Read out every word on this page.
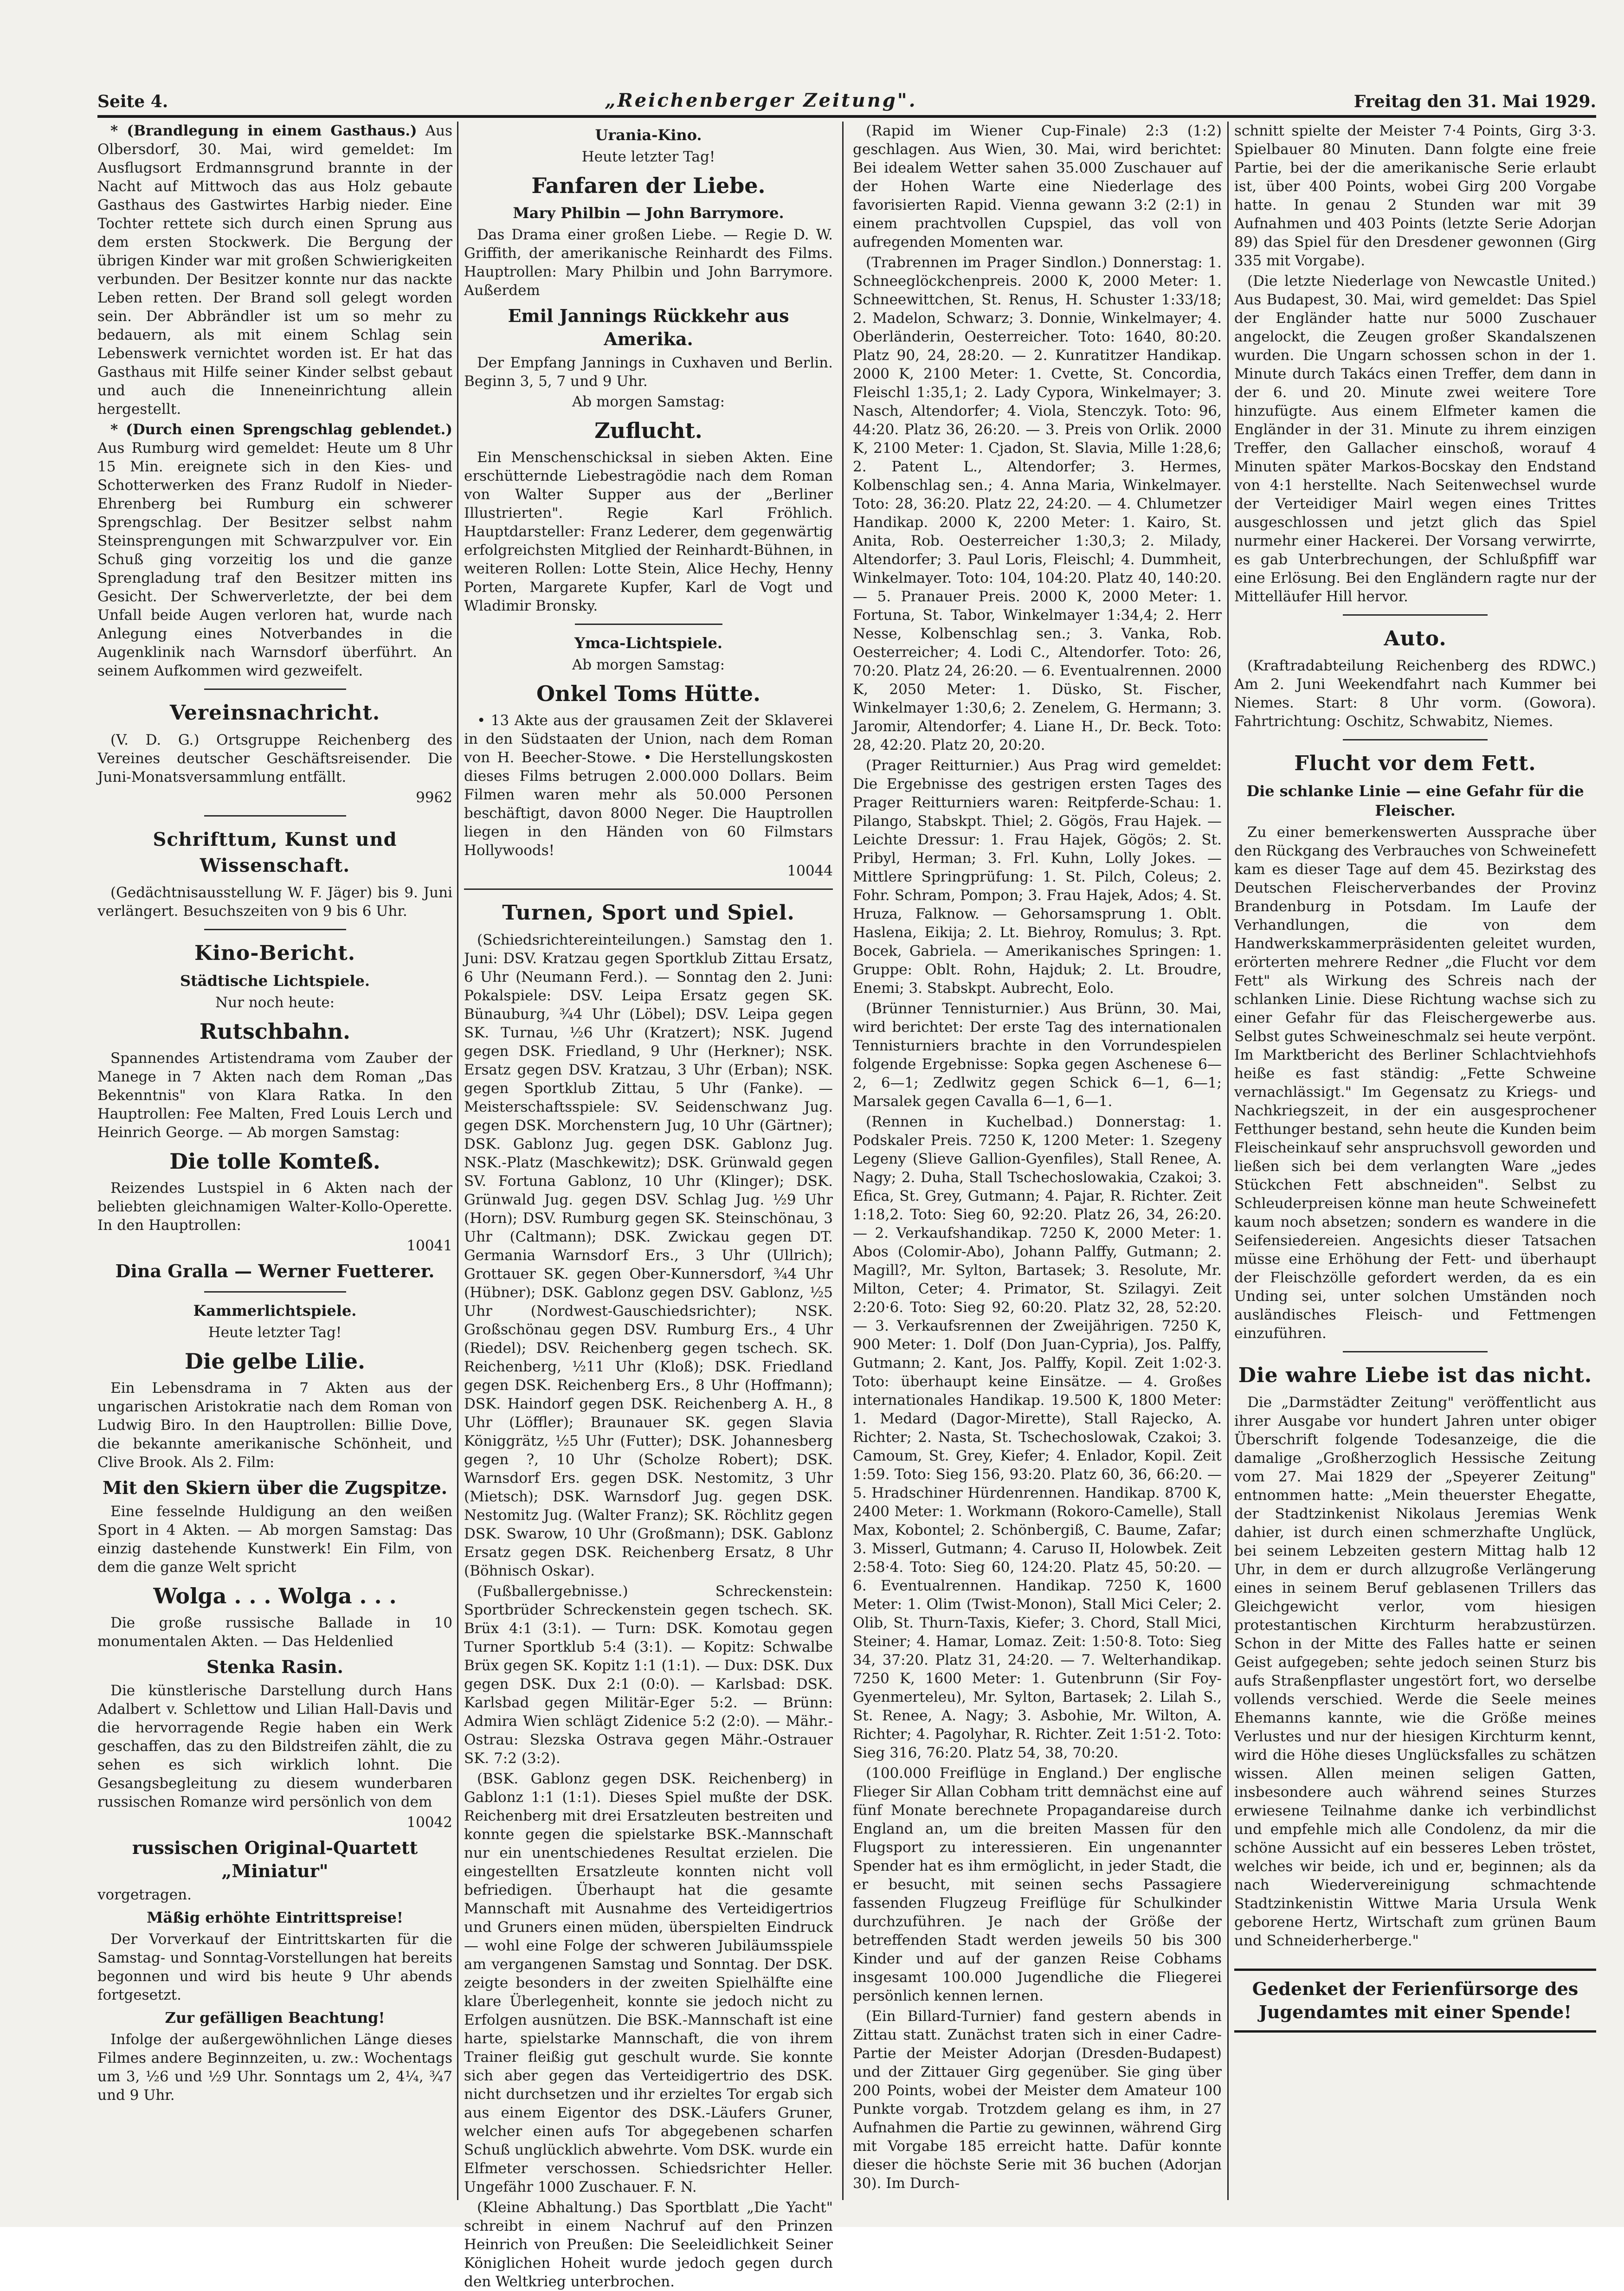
Seite 4.	„Reichenberger Zeitung".	Freitag den 31. Mai 1929.

* (Brandlegung in einem Gasthaus.) Aus Olbersdorf, 30. Mai, wird gemeldet: Im Ausflugsort Erdmannsgrund brannte in der Nacht auf Mittwoch das aus Holz gebaute Gasthaus des Gastwirtes Harbig nieder. Eine Tochter rettete sich durch einen Sprung aus dem ersten Stockwerk. Die Bergung der übrigen Kinder war mit großen Schwierigkeiten verbunden. Der Besitzer konnte nur das nackte Leben retten. Der Brand soll gelegt worden sein. Der Abbrändler ist um so mehr zu bedauern, als mit einem Schlag sein Lebenswerk vernichtet worden ist. Er hat das Gasthaus mit Hilfe seiner Kinder selbst gebaut und auch die Inneneinrichtung allein hergestellt.

* (Durch einen Sprengschlag geblendet.) Aus Rumburg wird gemeldet: Heute um 8 Uhr 15 Min. ereignete sich in den Kies- und Schotterwerken des Franz Rudolf in Nieder-Ehrenberg bei Rumburg ein schwerer Sprengschlag. Der Besitzer selbst nahm Steinsprengungen mit Schwarzpulver vor. Ein Schuß ging vorzeitig los und die ganze Sprengladung traf den Besitzer mitten ins Gesicht. Der Schwerverletzte, der bei dem Unfall beide Augen verloren hat, wurde nach Anlegung eines Notverbandes in die Augenklinik nach Warnsdorf überführt. An seinem Aufkommen wird gezweifelt.

Vereinsnachricht.

(V. D. G.) Ortsgruppe Reichenberg des Vereines deutscher Geschäftsreisender. Die Juni-Monatsversammlung entfällt.

9962

Schrifttum, Kunst und Wissenschaft.

(Gedächtnisausstellung W. F. Jäger) bis 9. Juni verlängert. Besuchszeiten von 9 bis 6 Uhr.

Kino-Bericht.
Städtische Lichtspiele.

Nur noch heute:

Rutschbahn.

Spannendes Artistendrama vom Zauber der Manege in 7 Akten nach dem Roman „Das Bekenntnis" von Klara Ratka. In den Hauptrollen: Fee Malten, Fred Louis Lerch und Heinrich George. — Ab morgen Samstag:

Die tolle Komteß.

Reizendes Lustspiel in 6 Akten nach der beliebten gleichnamigen Walter-Kollo-Operette. In den Hauptrollen:

10041

Dina Gralla — Werner Fuetterer.
Kammerlichtspiele.

Heute letzter Tag!

Die gelbe Lilie.

Ein Lebensdrama in 7 Akten aus der ungarischen Aristokratie nach dem Roman von Ludwig Biro. In den Hauptrollen: Billie Dove, die bekannte amerikanische Schönheit, und Clive Brook. Als 2. Film:

Mit den Skiern über die Zugspitze.

Eine fesselnde Huldigung an den weißen Sport in 4 Akten. — Ab morgen Samstag: Das einzig dastehende Kunstwerk! Ein Film, von dem die ganze Welt spricht

Wolga . . . Wolga . . .

Die große russische Ballade in 10 monumentalen Akten. — Das Heldenlied

Stenka Rasin.

Die künstlerische Darstellung durch Hans Adalbert v. Schlettow und Lilian Hall-Davis und die hervorragende Regie haben ein Werk geschaffen, das zu den Bildstreifen zählt, die zu sehen es sich wirklich lohnt. Die Gesangsbegleitung zu diesem wunderbaren russischen Romanze wird persönlich von dem

10042

russischen Original-Quartett „Miniatur"

vorgetragen.

Mäßig erhöhte Eintrittspreise!

Der Vorverkauf der Eintrittskarten für die Samstag- und Sonntag-Vorstellungen hat bereits begonnen und wird bis heute 9 Uhr abends fortgesetzt.

Zur gefälligen Beachtung!

Infolge der außergewöhnlichen Länge dieses Filmes andere Beginnzeiten, u. zw.: Wochentags um 3, ½6 und ½9 Uhr. Sonntags um 2, 4¼, ¾7 und 9 Uhr.

Urania-Kino.

Heute letzter Tag!

Fanfaren der Liebe.
Mary Philbin — John Barrymore.

Das Drama einer großen Liebe. — Regie D. W. Griffith, der amerikanische Reinhardt des Films. Hauptrollen: Mary Philbin und John Barrymore. Außerdem

Emil Jannings Rückkehr aus Amerika.

Der Empfang Jannings in Cuxhaven und Berlin. Beginn 3, 5, 7 und 9 Uhr.

Ab morgen Samstag:

Zuflucht.

Ein Menschenschicksal in sieben Akten. Eine erschütternde Liebestragödie nach dem Roman von Walter Supper aus der „Berliner Illustrierten". Regie Karl Fröhlich. Hauptdarsteller: Franz Lederer, dem gegenwärtig erfolgreichsten Mitglied der Reinhardt-Bühnen, in weiteren Rollen: Lotte Stein, Alice Hechy, Henny Porten, Margarete Kupfer, Karl de Vogt und Wladimir Bronsky.

Ymca-Lichtspiele.

Ab morgen Samstag:

Onkel Toms Hütte.

• 13 Akte aus der grausamen Zeit der Sklaverei in den Südstaaten der Union, nach dem Roman von H. Beecher-Stowe. • Die Herstellungskosten dieses Films betrugen 2.000.000 Dollars. Beim Filmen waren mehr als 50.000 Personen beschäftigt, davon 8000 Neger. Die Hauptrollen liegen in den Händen von 60 Filmstars Hollywoods!

10044

Turnen, Sport und Spiel.

(Schiedsrichtereinteilungen.) Samstag den 1. Juni: DSV. Kratzau gegen Sportklub Zittau Ersatz, 6 Uhr (Neumann Ferd.). — Sonntag den 2. Juni: Pokalspiele: DSV. Leipa Ersatz gegen SK. Bünauburg, ¾4 Uhr (Löbel); DSV. Leipa gegen SK. Turnau, ½6 Uhr (Kratzert); NSK. Jugend gegen DSK. Friedland, 9 Uhr (Herkner); NSK. Ersatz gegen DSV. Kratzau, 3 Uhr (Erban); NSK. gegen Sportklub Zittau, 5 Uhr (Fanke). — Meisterschaftsspiele: SV. Seidenschwanz Jug. gegen DSK. Morchenstern Jug, 10 Uhr (Gärtner); DSK. Gablonz Jug. gegen DSK. Gablonz Jug. NSK.-Platz (Maschkewitz); DSK. Grünwald gegen SV. Fortuna Gablonz, 10 Uhr (Klinger); DSK. Grünwald Jug. gegen DSV. Schlag Jug. ½9 Uhr (Horn); DSV. Rumburg gegen SK. Steinschönau, 3 Uhr (Caltmann); DSK. Zwickau gegen DT. Germania Warnsdorf Ers., 3 Uhr (Ullrich); Grottauer SK. gegen Ober-Kunnersdorf, ¾4 Uhr (Hübner); DSK. Gablonz gegen DSV. Gablonz, ½5 Uhr (Nordwest-Gauschiedsrichter); NSK. Großschönau gegen DSV. Rumburg Ers., 4 Uhr (Riedel); DSV. Reichenberg gegen tschech. SK. Reichenberg, ½11 Uhr (Kloß); DSK. Friedland gegen DSK. Reichenberg Ers., 8 Uhr (Hoffmann); DSK. Haindorf gegen DSK. Reichenberg A. H., 8 Uhr (Löffler); Braunauer SK. gegen Slavia Königgrätz, ½5 Uhr (Futter); DSK. Johannesberg gegen ?, 10 Uhr (Scholze Robert); DSK. Warnsdorf Ers. gegen DSK. Nestomitz, 3 Uhr (Mietsch); DSK. Warnsdorf Jug. gegen DSK. Nestomitz Jug. (Walter Franz); SK. Röchlitz gegen DSK. Swarow, 10 Uhr (Großmann); DSK. Gablonz Ersatz gegen DSK. Reichenberg Ersatz, 8 Uhr (Böhnisch Oskar).

(Fußballergebnisse.) Schreckenstein: Sportbrüder Schreckenstein gegen tschech. SK. Brüx 4:1 (3:1). — Turn: DSK. Komotau gegen Turner Sportklub 5:4 (3:1). — Kopitz: Schwalbe Brüx gegen SK. Kopitz 1:1 (1:1). — Dux: DSK. Dux gegen DSK. Dux 2:1 (0:0). — Karlsbad: DSK. Karlsbad gegen Militär-Eger 5:2. — Brünn: Admira Wien schlägt Zidenice 5:2 (2:0). — Mähr.-Ostrau: Slezska Ostrava gegen Mähr.-Ostrauer SK. 7:2 (3:2).

(BSK. Gablonz gegen DSK. Reichenberg) in Gablonz 1:1 (1:1). Dieses Spiel mußte der DSK. Reichenberg mit drei Ersatzleuten bestreiten und konnte gegen die spielstarke BSK.-Mannschaft nur ein unentschiedenes Resultat erzielen. Die eingestellten Ersatzleute konnten nicht voll befriedigen. Überhaupt hat die gesamte Mannschaft mit Ausnahme des Verteidigertrios und Gruners einen müden, überspielten Eindruck — wohl eine Folge der schweren Jubiläumsspiele am vergangenen Samstag und Sonntag. Der DSK. zeigte besonders in der zweiten Spielhälfte eine klare Überlegenheit, konnte sie jedoch nicht zu Erfolgen ausnützen. Die BSK.-Mannschaft ist eine harte, spielstarke Mannschaft, die von ihrem Trainer fleißig gut geschult wurde. Sie konnte sich aber gegen das Verteidigertrio des DSK. nicht durchsetzen und ihr erzieltes Tor ergab sich aus einem Eigentor des DSK.-Läufers Gruner, welcher einen aufs Tor abgegebenen scharfen Schuß unglücklich abwehrte. Vom DSK. wurde ein Elfmeter verschossen. Schiedsrichter Heller. Ungefähr 1000 Zuschauer. F. N.

(Kleine Abhaltung.) Das Sportblatt „Die Yacht" schreibt in einem Nachruf auf den Prinzen Heinrich von Preußen: Die Seeleidlichkeit Seiner Königlichen Hoheit wurde jedoch gegen durch den Weltkrieg unterbrochen.

(Rapid im Wiener Cup-Finale) 2:3 (1:2) geschlagen. Aus Wien, 30. Mai, wird berichtet: Bei idealem Wetter sahen 35.000 Zuschauer auf der Hohen Warte eine Niederlage des favorisierten Rapid. Vienna gewann 3:2 (2:1) in einem prachtvollen Cupspiel, das voll von aufregenden Momenten war.

(Trabrennen im Prager Sindlon.) Donnerstag: 1. Schneeglöckchenpreis. 2000 K, 2000 Meter: 1. Schneewittchen, St. Renus, H. Schuster 1:33/18; 2. Madelon, Schwarz; 3. Donnie, Winkelmayer; 4. Oberländerin, Oesterreicher. Toto: 1640, 80:20. Platz 90, 24, 28:20. — 2. Kunratitzer Handikap. 2000 K, 2100 Meter: 1. Cvette, St. Concordia, Fleischl 1:35,1; 2. Lady Cypora, Winkelmayer; 3. Nasch, Altendorfer; 4. Viola, Stenczyk. Toto: 96, 44:20. Platz 36, 26:20. — 3. Preis von Orlik. 2000 K, 2100 Meter: 1. Cjadon, St. Slavia, Mille 1:28,6; 2. Patent L., Altendorfer; 3. Hermes, Kolbenschlag sen.; 4. Anna Maria, Winkelmayer. Toto: 28, 36:20. Platz 22, 24:20. — 4. Chlumetzer Handikap. 2000 K, 2200 Meter: 1. Kairo, St. Anita, Rob. Oesterreicher 1:30,3; 2. Milady, Altendorfer; 3. Paul Loris, Fleischl; 4. Dummheit, Winkelmayer. Toto: 104, 104:20. Platz 40, 140:20. — 5. Pranauer Preis. 2000 K, 2000 Meter: 1. Fortuna, St. Tabor, Winkelmayer 1:34,4; 2. Herr Nesse, Kolbenschlag sen.; 3. Vanka, Rob. Oesterreicher; 4. Lodi C., Altendorfer. Toto: 26, 70:20. Platz 24, 26:20. — 6. Eventualrennen. 2000 K, 2050 Meter: 1. Düsko, St. Fischer, Winkelmayer 1:30,6; 2. Zenelem, G. Hermann; 3. Jaromir, Altendorfer; 4. Liane H., Dr. Beck. Toto: 28, 42:20. Platz 20, 20:20.

(Prager Reitturnier.) Aus Prag wird gemeldet: Die Ergebnisse des gestrigen ersten Tages des Prager Reitturniers waren: Reitpferde-Schau: 1. Pilango, Stabskpt. Thiel; 2. Gögös, Frau Hajek. — Leichte Dressur: 1. Frau Hajek, Gögös; 2. St. Pribyl, Herman; 3. Frl. Kuhn, Lolly Jokes. — Mittlere Springprüfung: 1. St. Pilch, Coleus; 2. Fohr. Schram, Pompon; 3. Frau Hajek, Ados; 4. St. Hruza, Falknow. — Gehorsamsprung 1. Oblt. Haslena, Eikija; 2. Lt. Biehroy, Romulus; 3. Rpt. Bocek, Gabriela. — Amerikanisches Springen: 1. Gruppe: Oblt. Rohn, Hajduk; 2. Lt. Broudre, Enemi; 3. Stabskpt. Aubrecht, Eolo.

(Brünner Tennisturnier.) Aus Brünn, 30. Mai, wird berichtet: Der erste Tag des internationalen Tennisturniers brachte in den Vorrundespielen folgende Ergebnisse: Sopka gegen Aschenese 6—2, 6—1; Zedlwitz gegen Schick 6—1, 6—1; Marsalek gegen Cavalla 6—1, 6—1.

(Rennen in Kuchelbad.) Donnerstag: 1. Podskaler Preis. 7250 K, 1200 Meter: 1. Szegeny Legeny (Slieve Gallion-Gyenfiles), Stall Renee, A. Nagy; 2. Duha, Stall Tschechoslowakia, Czakoi; 3. Efica, St. Grey, Gutmann; 4. Pajar, R. Richter. Zeit 1:18,2. Toto: Sieg 60, 92:20. Platz 26, 34, 26:20. — 2. Verkaufshandikap. 7250 K, 2000 Meter: 1. Abos (Colomir-Abo), Johann Palffy, Gutmann; 2. Magill?, Mr. Sylton, Bartasek; 3. Resolute, Mr. Milton, Ceter; 4. Primator, St. Szilagyi. Zeit 2:20·6. Toto: Sieg 92, 60:20. Platz 32, 28, 52:20. — 3. Verkaufsrennen der Zweijährigen. 7250 K, 900 Meter: 1. Dolf (Don Juan-Cypria), Jos. Palffy, Gutmann; 2. Kant, Jos. Palffy, Kopil. Zeit 1:02·3. Toto: überhaupt keine Einsätze. — 4. Großes internationales Handikap. 19.500 K, 1800 Meter: 1. Medard (Dagor-Mirette), Stall Rajecko, A. Richter; 2. Nasta, St. Tschechoslowak, Czakoi; 3. Camoum, St. Grey, Kiefer; 4. Enlador, Kopil. Zeit 1:59. Toto: Sieg 156, 93:20. Platz 60, 36, 66:20. — 5. Hradschiner Hürdenrennen. Handikap. 8700 K, 2400 Meter: 1. Workmann (Rokoro-Camelle), Stall Max, Kobontel; 2. Schönbergiß, C. Baume, Zafar; 3. Misserl, Gutmann; 4. Caruso II, Holowbek. Zeit 2:58·4. Toto: Sieg 60, 124:20. Platz 45, 50:20. — 6. Eventualrennen. Handikap. 7250 K, 1600 Meter: 1. Olim (Twist-Monon), Stall Mici Celer; 2. Olib, St. Thurn-Taxis, Kiefer; 3. Chord, Stall Mici, Steiner; 4. Hamar, Lomaz. Zeit: 1:50·8. Toto: Sieg 34, 37:20. Platz 31, 24:20. — 7. Welterhandikap. 7250 K, 1600 Meter: 1. Gutenbrunn (Sir Foy-Gyenmerteleu), Mr. Sylton, Bartasek; 2. Lilah S., St. Renee, A. Nagy; 3. Asbohie, Mr. Wilton, A. Richter; 4. Pagolyhar, R. Richter. Zeit 1:51·2. Toto: Sieg 316, 76:20. Platz 54, 38, 70:20.

(100.000 Freiflüge in England.) Der englische Flieger Sir Allan Cobham tritt demnächst eine auf fünf Monate berechnete Propagandareise durch England an, um die breiten Massen für den Flugsport zu interessieren. Ein ungenannter Spender hat es ihm ermöglicht, in jeder Stadt, die er besucht, mit seinen sechs Passagiere fassenden Flugzeug Freiflüge für Schulkinder durchzuführen. Je nach der Größe der betreffenden Stadt werden jeweils 50 bis 300 Kinder und auf der ganzen Reise Cobhams insgesamt 100.000 Jugendliche die Fliegerei persönlich kennen lernen.

(Ein Billard-Turnier) fand gestern abends in Zittau statt. Zunächst traten sich in einer Cadre-Partie der Meister Adorjan (Dresden-Budapest) und der Zittauer Girg gegenüber. Sie ging über 200 Points, wobei der Meister dem Amateur 100 Punkte vorgab. Trotzdem gelang es ihm, in 27 Aufnahmen die Partie zu gewinnen, während Girg mit Vorgabe 185 erreicht hatte. Dafür konnte dieser die höchste Serie mit 36 buchen (Adorjan 30). Im Durch-

schnitt spielte der Meister 7·4 Points, Girg 3·3. Spielbauer 80 Minuten. Dann folgte eine freie Partie, bei der die amerikanische Serie erlaubt ist, über 400 Points, wobei Girg 200 Vorgabe hatte. In genau 2 Stunden war mit 39 Aufnahmen und 403 Points (letzte Serie Adorjan 89) das Spiel für den Dresdener gewonnen (Girg 335 mit Vorgabe).

(Die letzte Niederlage von Newcastle United.) Aus Budapest, 30. Mai, wird gemeldet: Das Spiel der Engländer hatte nur 5000 Zuschauer angelockt, die Zeugen großer Skandalszenen wurden. Die Ungarn schossen schon in der 1. Minute durch Takács einen Treffer, dem dann in der 6. und 20. Minute zwei weitere Tore hinzufügte. Aus einem Elfmeter kamen die Engländer in der 31. Minute zu ihrem einzigen Treffer, den Gallacher einschoß, worauf 4 Minuten später Markos-Bocskay den Endstand von 4:1 herstellte. Nach Seitenwechsel wurde der Verteidiger Mairl wegen eines Trittes ausgeschlossen und jetzt glich das Spiel nurmehr einer Hackerei. Der Vorsang verwirrte, es gab Unterbrechungen, der Schlußpfiff war eine Erlösung. Bei den Engländern ragte nur der Mittelläufer Hill hervor.

Auto.

(Kraftradabteilung Reichenberg des RDWC.) Am 2. Juni Weekendfahrt nach Kummer bei Niemes. Start: 8 Uhr vorm. (Gowora). Fahrtrichtung: Oschitz, Schwabitz, Niemes.

Flucht vor dem Fett.
Die schlanke Linie — eine Gefahr für die Fleischer.

Zu einer bemerkenswerten Aussprache über den Rückgang des Verbrauches von Schweinefett kam es dieser Tage auf dem 45. Bezirkstag des Deutschen Fleischerverbandes der Provinz Brandenburg in Potsdam. Im Laufe der Verhandlungen, die von dem Handwerkskammerpräsidenten geleitet wurden, erörterten mehrere Redner „die Flucht vor dem Fett" als Wirkung des Schreis nach der schlanken Linie. Diese Richtung wachse sich zu einer Gefahr für das Fleischergewerbe aus. Selbst gutes Schweineschmalz sei heute verpönt. Im Marktbericht des Berliner Schlachtviehhofs heiße es fast ständig: „Fette Schweine vernachlässigt." Im Gegensatz zu Kriegs- und Nachkriegszeit, in der ein ausgesprochener Fetthunger bestand, sehn heute die Kunden beim Fleischeinkauf sehr anspruchsvoll geworden und ließen sich bei dem verlangten Ware „jedes Stückchen Fett abschneiden". Selbst zu Schleuderpreisen könne man heute Schweinefett kaum noch absetzen; sondern es wandere in die Seifensiedereien. Angesichts dieser Tatsachen müsse eine Erhöhung der Fett- und überhaupt der Fleischzölle gefordert werden, da es ein Unding sei, unter solchen Umständen noch ausländisches Fleisch- und Fettmengen einzuführen.

Die wahre Liebe ist das nicht.

Die „Darmstädter Zeitung" veröffentlicht aus ihrer Ausgabe vor hundert Jahren unter obiger Überschrift folgende Todesanzeige, die die damalige „Großherzoglich Hessische Zeitung vom 27. Mai 1829 der „Speyerer Zeitung" entnommen hatte: „Mein theuerster Ehegatte, der Stadtzinkenist Nikolaus Jeremias Wenk dahier, ist durch einen schmerzhafte Unglück, bei seinem Lebzeiten gestern Mittag halb 12 Uhr, in dem er durch allzugroße Verlängerung eines in seinem Beruf geblasenen Trillers das Gleichgewicht verlor, vom hiesigen protestantischen Kirchturm herabzustürzen. Schon in der Mitte des Falles hatte er seinen Geist aufgegeben; sehte jedoch seinen Sturz bis aufs Straßenpflaster ungestört fort, wo derselbe vollends verschied. Werde die Seele meines Ehemanns kannte, wie die Größe meines Verlustes und nur der hiesigen Kirchturm kennt, wird die Höhe dieses Unglücksfalles zu schätzen wissen. Allen meinen seligen Gatten, insbesondere auch während seines Sturzes erwiesene Teilnahme danke ich verbindlichst und empfehle mich alle Condolenz, da mir die schöne Aussicht auf ein besseres Leben tröstet, welches wir beide, ich und er, beginnen; als da nach Wiedervereinigung schmachtende Stadtzinkenistin Wittwe Maria Ursula Wenk geborene Hertz, Wirtschaft zum grünen Baum und Schneiderherberge."

Gedenket der Ferienfürsorge des Jugendamtes mit einer Spende!
